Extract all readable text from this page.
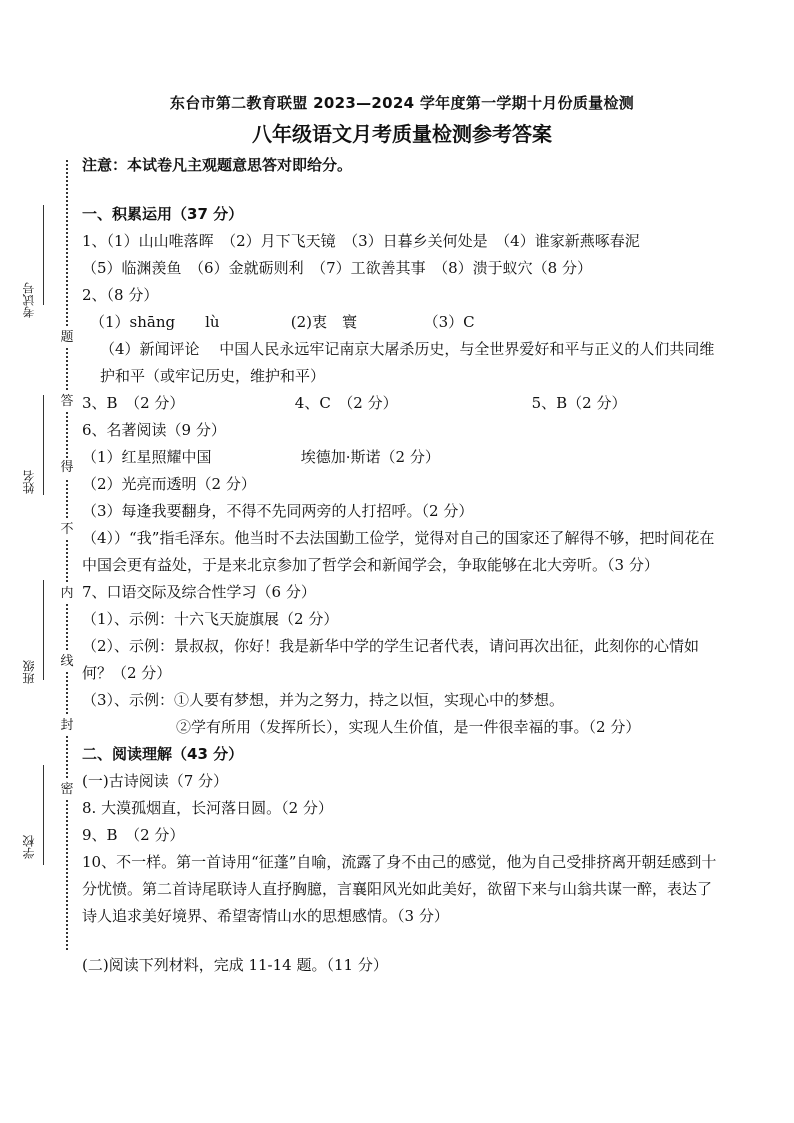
题
答
得
不
内
线
封
密
考试号
姓名
班级
学校
东台市第二教育联盟 2023—2024 学年度第一学期十月份质量检测
八年级语文月考质量检测参考答案
注意：本试卷凡主观题意思答对即给分。
一、积累运用（37 分）
1、（1）山山唯落晖　（2）月下飞天镜　（3）日暮乡关何处是　（4）谁家新燕啄春泥
（5）临渊羡鱼　（6）金就砺则利　（7）工欲善其事　（8）溃于蚁穴（8 分）
2、（8 分）
（1）shāng　　lù	(2)衷　寰	（3）C
（4）新闻评论　 中国人民永远牢记南京大屠杀历史，与全世界爱好和平与正义的人们共同维护和平（或牢记历史，维护和平）
3、B　（2 分）	4、C　（2 分）	5、B（2 分）
6、名著阅读（9 分）
（1）红星照耀中国	埃德加·斯诺（2 分）
（2）光亮而透明（2 分）
（3）每逢我要翻身，不得不先同两旁的人打招呼。（2 分）
（4））“我”指毛泽东。他当时不去法国勤工俭学，觉得对自己的国家还了解得不够，把时间花在中国会更有益处，于是来北京参加了哲学会和新闻学会，争取能够在北大旁听。（3 分）
7、口语交际及综合性学习（6 分）
（1）、示例：十六飞天旋旗展（2 分）
（2）、示例：景叔叔，你好！我是新华中学的学生记者代表，请问再次出征，此刻你的心情如何？（2 分）
（3）、示例：①人要有梦想，并为之努力，持之以恒，实现心中的梦想。
②学有所用（发挥所长），实现人生价值，是一件很幸福的事。（2 分）
二、阅读理解（43 分）
(一)古诗阅读（7 分）
8. 大漠孤烟直，长河落日圆。（2 分）
9、B　（2 分）
10、不一样。第一首诗用“征蓬”自喻，流露了身不由己的感觉，他为自己受排挤离开朝廷感到十分忧愤。第二首诗尾联诗人直抒胸臆，言襄阳风光如此美好，欲留下来与山翁共谋一醉，表达了诗人追求美好境界、希望寄情山水的思想感情。（3 分）
(二)阅读下列材料，完成 11-14 题。（11 分）
